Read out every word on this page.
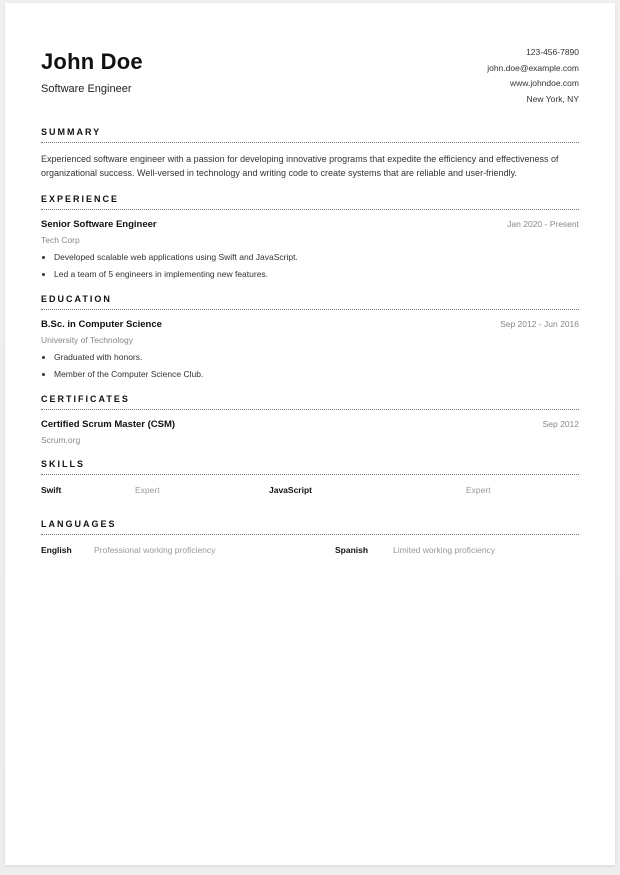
John Doe

Software Engineer

123-456-7890
john.doe@example.com
www.johndoe.com
New York, NY
SUMMARY

Experienced software engineer with a passion for developing innovative programs that expedite the efficiency and effectiveness of organizational success. Well-versed in technology and writing code to create systems that are reliable and user-friendly.

EXPERIENCE
Senior Software Engineer	Jan 2020 - Present
Tech Corp
• Developed scalable web applications using Swift and JavaScript.
• Led a team of 5 engineers in implementing new features.
EDUCATION
B.Sc. in Computer Science	Sep 2012 - Jun 2016
University of Technology
• Graduated with honors.
• Member of the Computer Science Club.
CERTIFICATES
Certified Scrum Master (CSM)	Sep 2012
Scrum.org
SKILLS
Swift	Expert	JavaScript	Expert
LANGUAGES
English	Professional working proficiency	Spanish	Limited working proficiency
